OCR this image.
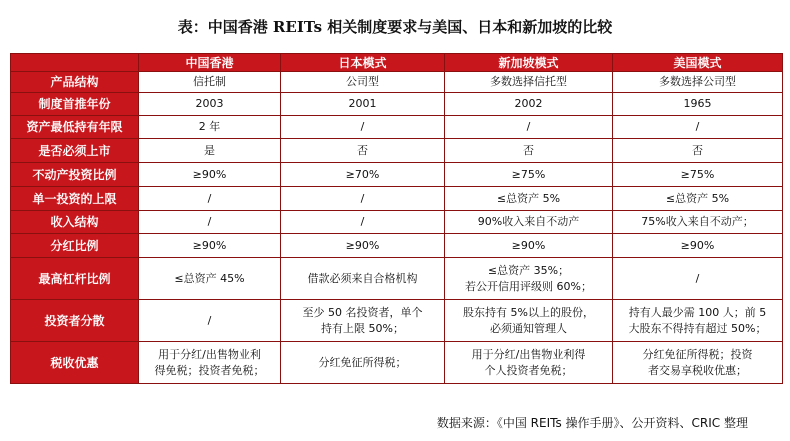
表：中国香港 REITs 相关制度要求与美国、日本和新加坡的比较
	中国香港	日本模式	新加坡模式	美国模式
产品结构	信托制	公司型	多数选择信托型	多数选择公司型
制度首推年份	2003	2001	2002	1965
资产最低持有年限	2 年	/	/	/
是否必须上市	是	否	否	否
不动产投资比例	≥90%	≥70%	≥75%	≥75%
单一投资的上限	/	/	≤总资产 5%	≤总资产 5%
收入结构	/	/	90%收入来自不动产	75%收入来自不动产；
分红比例	≥90%	≥90%	≥90%	≥90%
最高杠杆比例	≤总资产 45%	借款必须来自合格机构	≤总资产 35%；
若公开信用评级则 60%；	/
投资者分散	/	至少 50 名投资者，单个
持有上限 50%；	股东持有 5%以上的股份，
必须通知管理人	持有人最少需 100 人；前 5
大股东不得持有超过 50%；
税收优惠	用于分红/出售物业利
得免税；投资者免税；	分红免征所得税；	用于分红/出售物业利得
个人投资者免税；	分红免征所得税；投资
者交易享税收优惠；
数据来源：《中国 REITs 操作手册》、公开资料、CRIC 整理
